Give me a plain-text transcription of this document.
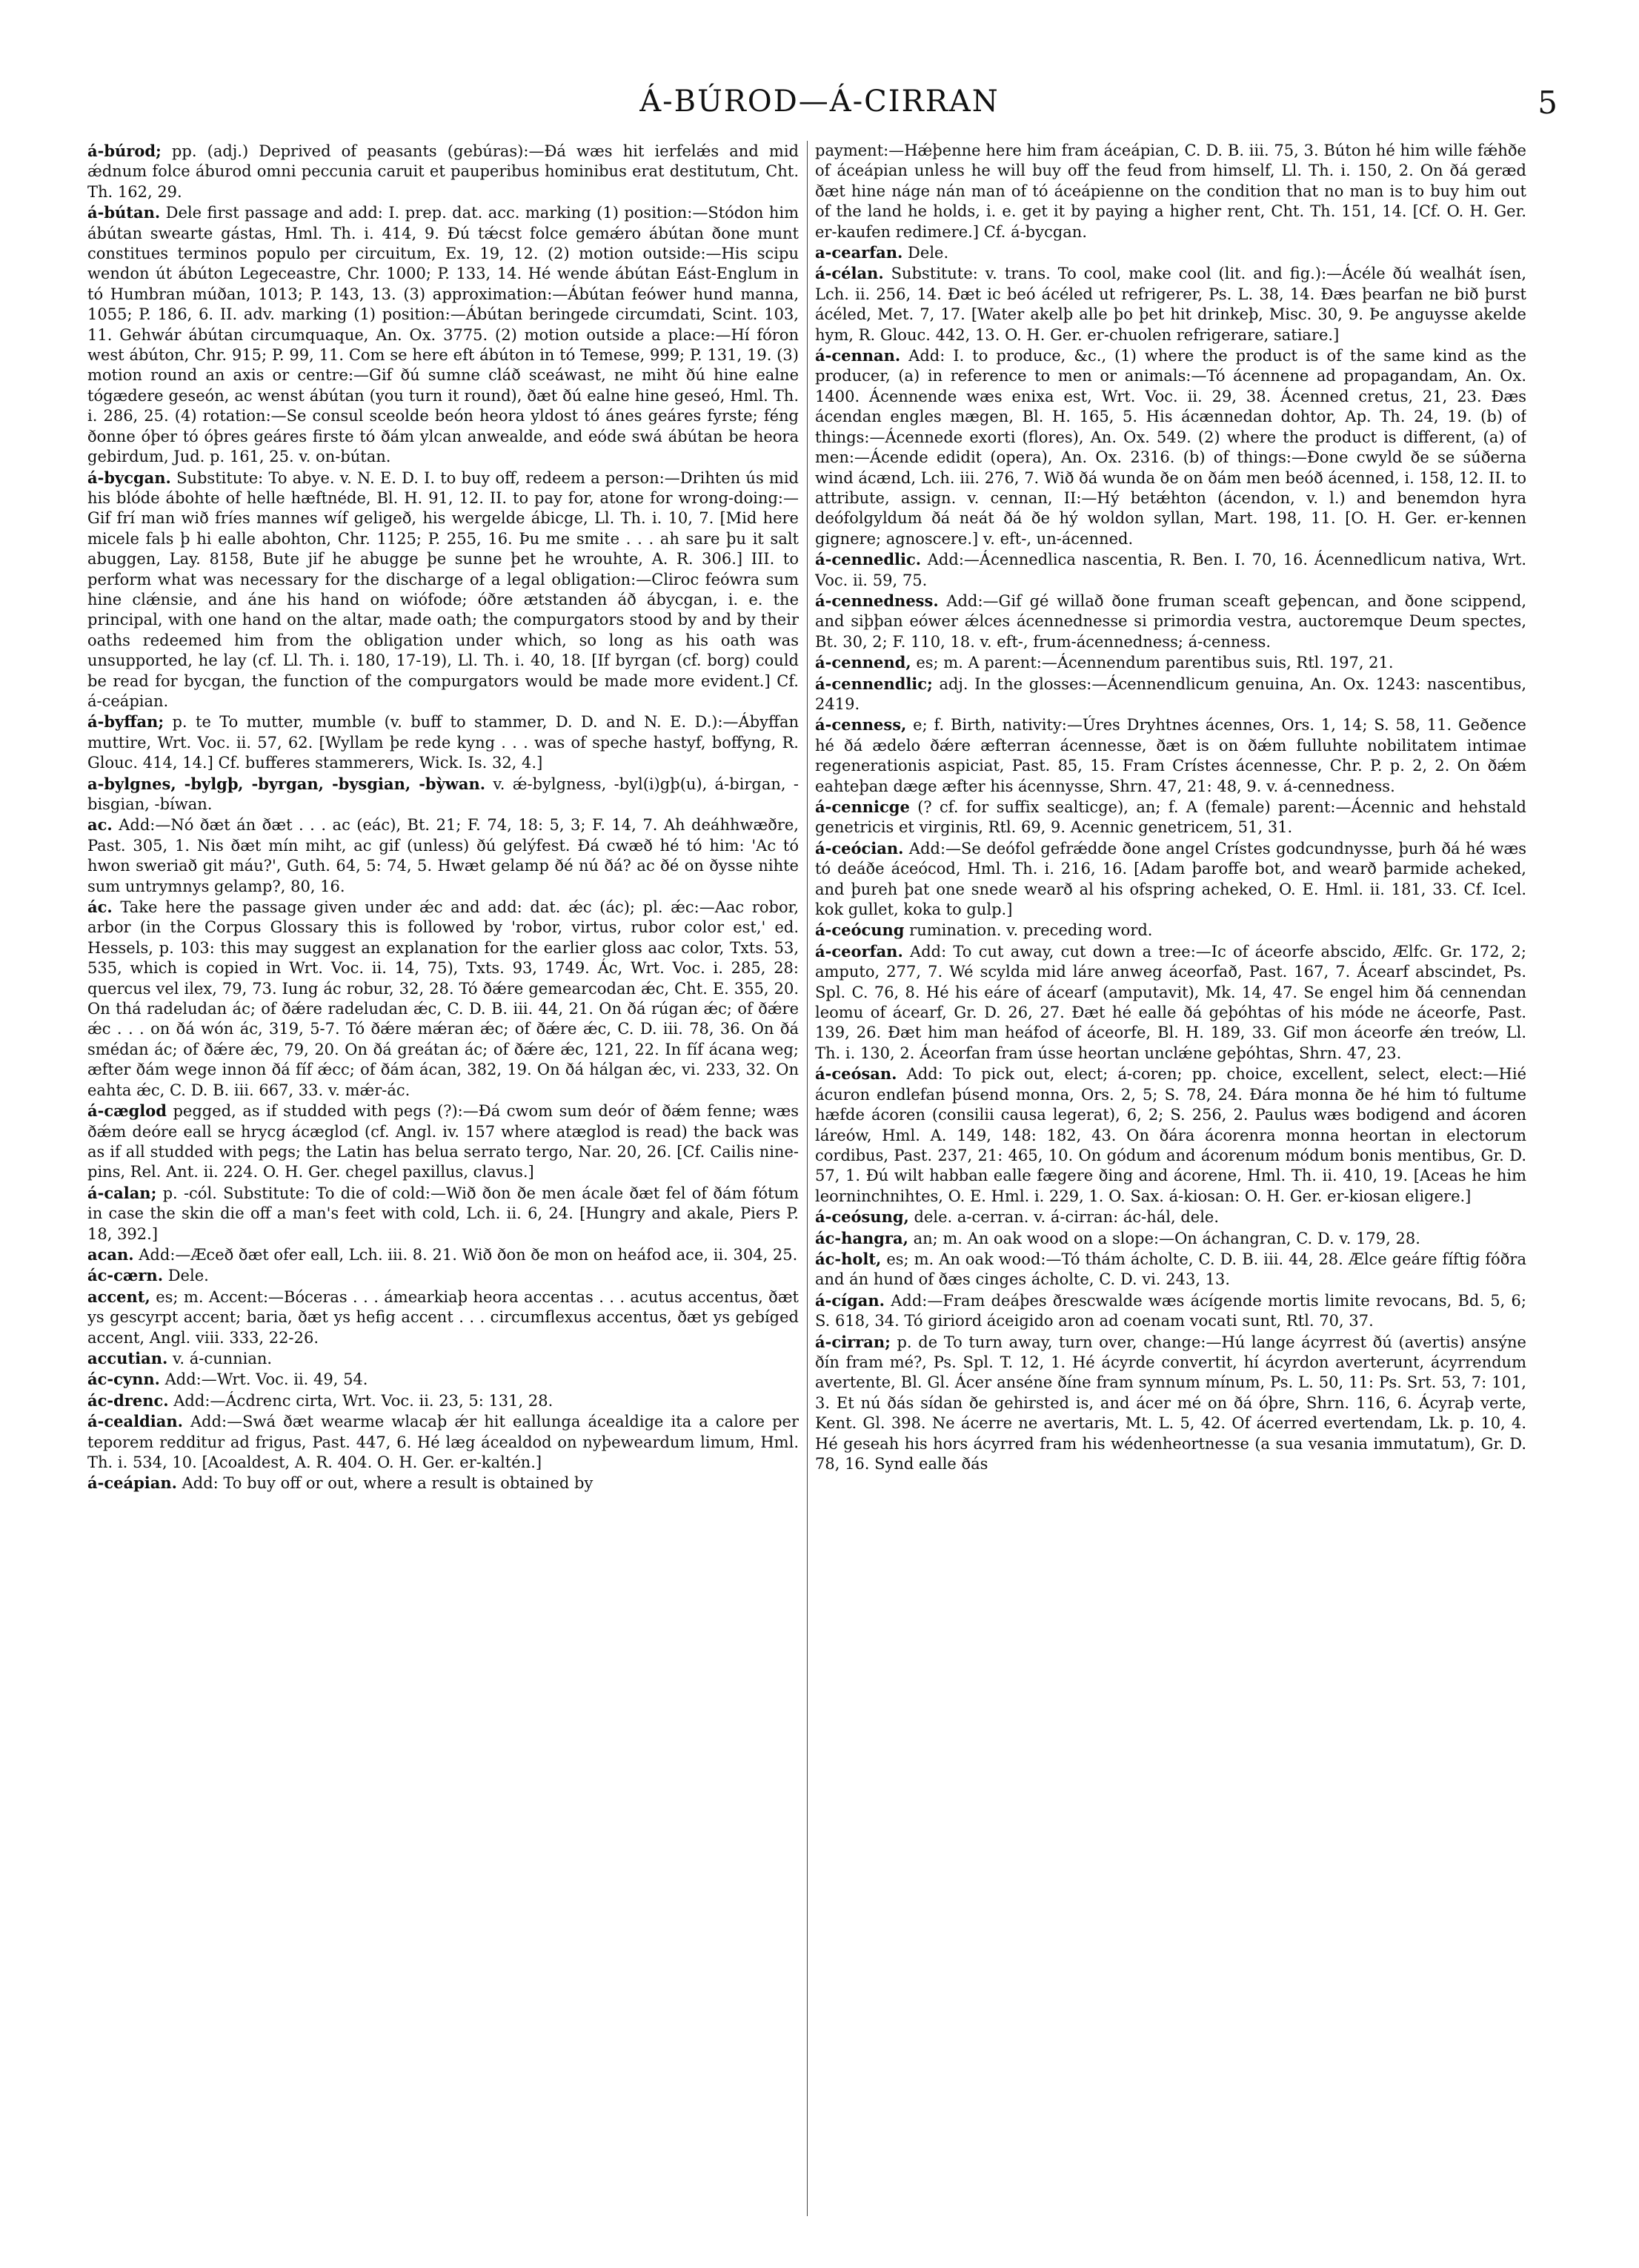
Á-BÚROD—Á-CIRRAN	5

á-búrod; pp. (adj.) Deprived of peasants (gebúras):—Ðá wæs hit ierfelǽs and mid ǽdnum folce áburod omni peccunia caruit et pauperibus hominibus erat destitutum, Cht. Th. 162, 29.

á-bútan. Dele first passage and add: I. prep. dat. acc. marking (1) position:—Stódon him ábútan swearte gástas, Hml. Th. i. 414, 9. Ðú tǽcst folce gemǽro ábútan ðone munt constitues terminos populo per circuitum, Ex. 19, 12. (2) motion outside:—His scipu wendon út ábúton Legeceastre, Chr. 1000; P. 133, 14. Hé wende ábútan Eást-Englum in tó Humbran múðan, 1013; P. 143, 13. (3) approximation:—Ábútan feówer hund manna, 1055; P. 186, 6. II. adv. marking (1) position:—Ábútan beringede circumdati, Scint. 103, 11. Gehwár ábútan circumquaque, An. Ox. 3775. (2) motion outside a place:—Hí fóron west ábúton, Chr. 915; P. 99, 11. Com se here eft ábúton in tó Temese, 999; P. 131, 19. (3) motion round an axis or centre:—Gif ðú sumne cláð sceáwast, ne miht ðú hine ealne tógædere geseón, ac wenst ábútan (you turn it round), ðæt ðú ealne hine geseó, Hml. Th. i. 286, 25. (4) rotation:—Se consul sceolde beón heora yldost tó ánes geáres fyrste; féng ðonne óþer tó óþres geáres firste tó ðám ylcan anwealde, and eóde swá ábútan be heora gebirdum, Jud. p. 161, 25. v. on-bútan.

á-bycgan. Substitute: To abye. v. N. E. D. I. to buy off, redeem a person:—Drihten ús mid his blóde ábohte of helle hæftnéde, Bl. H. 91, 12. II. to pay for, atone for wrong-doing:—Gif frí man wið fríes mannes wíf geligeð, his wergelde ábicge, Ll. Th. i. 10, 7. [Mid here micele fals þ hi ealle abohton, Chr. 1125; P. 255, 16. Þu me smite . . . ah sare þu it salt abuggen, Lay. 8158, Bute jif he abugge þe sunne þet he wrouhte, A. R. 306.] III. to perform what was necessary for the discharge of a legal obligation:—Cliroc feówra sum hine clǽnsie, and áne his hand on wiófode; óðre ætstanden áð ábycgan, i. e. the principal, with one hand on the altar, made oath; the compurgators stood by and by their oaths redeemed him from the obligation under which, so long as his oath was unsupported, he lay (cf. Ll. Th. i. 180, 17-19), Ll. Th. i. 40, 18. [If byrgan (cf. borg) could be read for bycgan, the function of the compurgators would be made more evident.] Cf. á-ceápian.

á-byffan; p. te To mutter, mumble (v. buff to stammer, D. D. and N. E. D.):—Ábyffan muttire, Wrt. Voc. ii. 57, 62. [Wyllam þe rede kyng . . . was of speche hastyf, boffyng, R. Glouc. 414, 14.] Cf. bufferes stammerers, Wick. Is. 32, 4.]

a-bylgnes, -bylgþ, -byrgan, -bysgian, -bỳwan. v. ǽ-bylgness, -byl(i)gþ(u), á-birgan, -bisgian, -bíwan.

ac. Add:—Nó ðæt án ðæt . . . ac (eác), Bt. 21; F. 74, 18: 5, 3; F. 14, 7. Ah deáhhwæðre, Past. 305, 1. Nis ðæt mín miht, ac gif (unless) ðú gelýfest. Ðá cwæð hé tó him: 'Ac tó hwon sweriað git máu?', Guth. 64, 5: 74, 5. Hwæt gelamp ðé nú ðá? ac ðé on ðysse nihte sum untrymnys gelamp?, 80, 16.

ác. Take here the passage given under ǽc and add: dat. ǽc (ác); pl. ǽc:—Aac robor, arbor (in the Corpus Glossary this is followed by 'robor, virtus, rubor color est,' ed. Hessels, p. 103: this may suggest an explanation for the earlier gloss aac color, Txts. 53, 535, which is copied in Wrt. Voc. ii. 14, 75), Txts. 93, 1749. Ác, Wrt. Voc. i. 285, 28: quercus vel ilex, 79, 73. Iung ác robur, 32, 28. Tó ðǽre gemearcodan ǽc, Cht. E. 355, 20. On thá radeludan ác; of ðǽre radeludan ǽc, C. D. B. iii. 44, 21. On ðá rúgan ǽc; of ðǽre ǽc . . . on ðá wón ác, 319, 5-7. Tó ðǽre mǽran ǽc; of ðǽre ǽc, C. D. iii. 78, 36. On ðá smédan ác; of ðǽre ǽc, 79, 20. On ðá greátan ác; of ðǽre ǽc, 121, 22. In fíf ácana weg; æfter ðám wege innon ðá fíf ǽcc; of ðám ácan, 382, 19. On ðá hálgan ǽc, vi. 233, 32. On eahta ǽc, C. D. B. iii. 667, 33. v. mǽr-ác.

á-cæglod pegged, as if studded with pegs (?):—Ðá cwom sum deór of ðǽm fenne; wæs ðǽm deóre eall se hrycg ácæglod (cf. Angl. iv. 157 where atæglod is read) the back was as if all studded with pegs; the Latin has belua serrato tergo, Nar. 20, 26. [Cf. Cailis nine-pins, Rel. Ant. ii. 224. O. H. Ger. chegel paxillus, clavus.]

á-calan; p. -cól. Substitute: To die of cold:—Wið ðon ðe men ácale ðæt fel of ðám fótum in case the skin die off a man's feet with cold, Lch. ii. 6, 24. [Hungry and akale, Piers P. 18, 392.]

acan. Add:—Æceð ðæt ofer eall, Lch. iii. 8. 21. Wið ðon ðe mon on heáfod ace, ii. 304, 25.

ác-cærn. Dele.

accent, es; m. Accent:—Bóceras . . . ámearkiaþ heora accentas . . . acutus accentus, ðæt ys gescyrpt accent; baria, ðæt ys hefig accent . . . circumflexus accentus, ðæt ys gebíged accent, Angl. viii. 333, 22-26.

accutian. v. á-cunnian.

ác-cynn. Add:—Wrt. Voc. ii. 49, 54.

ác-drenc. Add:—Ácdrenc cirta, Wrt. Voc. ii. 23, 5: 131, 28.

á-cealdian. Add:—Swá ðæt wearme wlacaþ ǽr hit eallunga ácealdige ita a calore per teporem redditur ad frigus, Past. 447, 6. Hé læg ácealdod on nyþeweardum limum, Hml. Th. i. 534, 10. [Acoaldest, A. R. 404. O. H. Ger. er-kaltén.]

á-ceápian. Add: To buy off or out, where a result is obtained by

payment:—Hǽþenne here him fram áceápian, C. D. B. iii. 75, 3. Búton hé him wille fǽhðe of áceápian unless he will buy off the feud from himself, Ll. Th. i. 150, 2. On ðá geræd ðæt hine náge nán man of tó áceápienne on the condition that no man is to buy him out of the land he holds, i. e. get it by paying a higher rent, Cht. Th. 151, 14. [Cf. O. H. Ger. er-kaufen redimere.] Cf. á-bycgan.

a-cearfan. Dele.

á-célan. Substitute: v. trans. To cool, make cool (lit. and fig.):—Ácéle ðú wealhát ísen, Lch. ii. 256, 14. Ðæt ic beó ácéled ut refrigerer, Ps. L. 38, 14. Ðæs þearfan ne bið þurst ácéled, Met. 7, 17. [Water akelþ alle þo þet hit drinkeþ, Misc. 30, 9. Þe anguysse akelde hym, R. Glouc. 442, 13. O. H. Ger. er-chuolen refrigerare, satiare.]

á-cennan. Add: I. to produce, &c., (1) where the product is of the same kind as the producer, (a) in reference to men or animals:—Tó ácennene ad propagandam, An. Ox. 1400. Ácennende wæs enixa est, Wrt. Voc. ii. 29, 38. Ácenned cretus, 21, 23. Ðæs ácendan engles mægen, Bl. H. 165, 5. His ácænnedan dohtor, Ap. Th. 24, 19. (b) of things:—Ácennede exorti (flores), An. Ox. 549. (2) where the product is different, (a) of men:—Ácende edidit (opera), An. Ox. 2316. (b) of things:—Ðone cwyld ðe se súðerna wind ácænd, Lch. iii. 276, 7. Wið ðá wunda ðe on ðám men beóð ácenned, i. 158, 12. II. to attribute, assign. v. cennan, II:—Hý betǽhton (ácendon, v. l.) and benemdon hyra deófolgyldum ðá neát ðá ðe hý woldon syllan, Mart. 198, 11. [O. H. Ger. er-kennen gignere; agnoscere.] v. eft-, un-ácenned.

á-cennedlic. Add:—Ácennedlica nascentia, R. Ben. I. 70, 16. Ácennedlicum nativa, Wrt. Voc. ii. 59, 75.

á-cennedness. Add:—Gif gé willað ðone fruman sceaft geþencan, and ðone scippend, and siþþan eówer ǽlces ácennednesse si primordia vestra, auctoremque Deum spectes, Bt. 30, 2; F. 110, 18. v. eft-, frum-ácennedness; á-cenness.

á-cennend, es; m. A parent:—Ácennendum parentibus suis, Rtl. 197, 21.

á-cennendlic; adj. In the glosses:—Ácennendlicum genuina, An. Ox. 1243: nascentibus, 2419.

á-cenness, e; f. Birth, nativity:—Úres Dryhtnes ácennes, Ors. 1, 14; S. 58, 11. Geðence hé ðá ædelo ðǽre æfterran ácennesse, ðæt is on ðǽm fulluhte nobilitatem intimae regenerationis aspiciat, Past. 85, 15. Fram Crístes ácennesse, Chr. P. p. 2, 2. On ðǽm eahteþan dæge æfter his ácennysse, Shrn. 47, 21: 48, 9. v. á-cennedness.

á-cennicge (? cf. for suffix sealticge), an; f. A (female) parent:—Ácennic and hehstald genetricis et virginis, Rtl. 69, 9. Acennic genetricem, 51, 31.

á-ceócian. Add:—Se deófol gefrǽdde ðone angel Crístes godcundnysse, þurh ðá hé wæs tó deáðe áceócod, Hml. Th. i. 216, 16. [Adam þaroffe bot, and wearð þarmide acheked, and þureh þat one snede wearð al his ofspring acheked, O. E. Hml. ii. 181, 33. Cf. Icel. kok gullet, koka to gulp.]

á-ceócung rumination. v. preceding word.

á-ceorfan. Add: To cut away, cut down a tree:—Ic of áceorfe abscido, Ælfc. Gr. 172, 2; amputo, 277, 7. Wé scylda mid láre anweg áceorfað, Past. 167, 7. Ácearf abscindet, Ps. Spl. C. 76, 8. Hé his eáre of ácearf (amputavit), Mk. 14, 47. Se engel him ðá cennendan leomu of ácearf, Gr. D. 26, 27. Ðæt hé ealle ðá geþóhtas of his móde ne áceorfe, Past. 139, 26. Ðæt him man heáfod of áceorfe, Bl. H. 189, 33. Gif mon áceorfe ǽn treów, Ll. Th. i. 130, 2. Áceorfan fram ússe heortan unclǽne geþóhtas, Shrn. 47, 23.

á-ceósan. Add: To pick out, elect; á-coren; pp. choice, excellent, select, elect:—Hié ácuron endlefan þúsend monna, Ors. 2, 5; S. 78, 24. Ðára monna ðe hé him tó fultume hæfde ácoren (consilii causa legerat), 6, 2; S. 256, 2. Paulus wæs bodigend and ácoren láreów, Hml. A. 149, 148: 182, 43. On ðára ácorenra monna heortan in electorum cordibus, Past. 237, 21: 465, 10. On gódum and ácorenum módum bonis mentibus, Gr. D. 57, 1. Ðú wilt habban ealle fægere ðing and ácorene, Hml. Th. ii. 410, 19. [Aceas he him leorninchnihtes, O. E. Hml. i. 229, 1. O. Sax. á-kiosan: O. H. Ger. er-kiosan eligere.]

á-ceósung, dele. a-cerran. v. á-cirran: ác-hál, dele.

ác-hangra, an; m. An oak wood on a slope:—On áchangran, C. D. v. 179, 28.

ác-holt, es; m. An oak wood:—Tó thám ácholte, C. D. B. iii. 44, 28. Ælce geáre fíftig fóðra and án hund of ðæs cinges ácholte, C. D. vi. 243, 13.

á-cígan. Add:—Fram deáþes ðrescwalde wæs ácígende mortis limite revocans, Bd. 5, 6; S. 618, 34. Tó giriord áceigido aron ad coenam vocati sunt, Rtl. 70, 37.

á-cirran; p. de To turn away, turn over, change:—Hú lange ácyrrest ðú (avertis) ansýne ðín fram mé?, Ps. Spl. T. 12, 1. Hé ácyrde convertit, hí ácyrdon averterunt, ácyrrendum avertente, Bl. Gl. Ácer anséne ðíne fram synnum mínum, Ps. L. 50, 11: Ps. Srt. 53, 7: 101, 3. Et nú ðás sídan ðe gehirsted is, and ácer mé on ðá óþre, Shrn. 116, 6. Ácyraþ verte, Kent. Gl. 398. Ne ácerre ne avertaris, Mt. L. 5, 42. Of ácerred evertendam, Lk. p. 10, 4. Hé geseah his hors ácyrred fram his wédenheortnesse (a sua vesania immutatum), Gr. D. 78, 16. Synd ealle ðás
